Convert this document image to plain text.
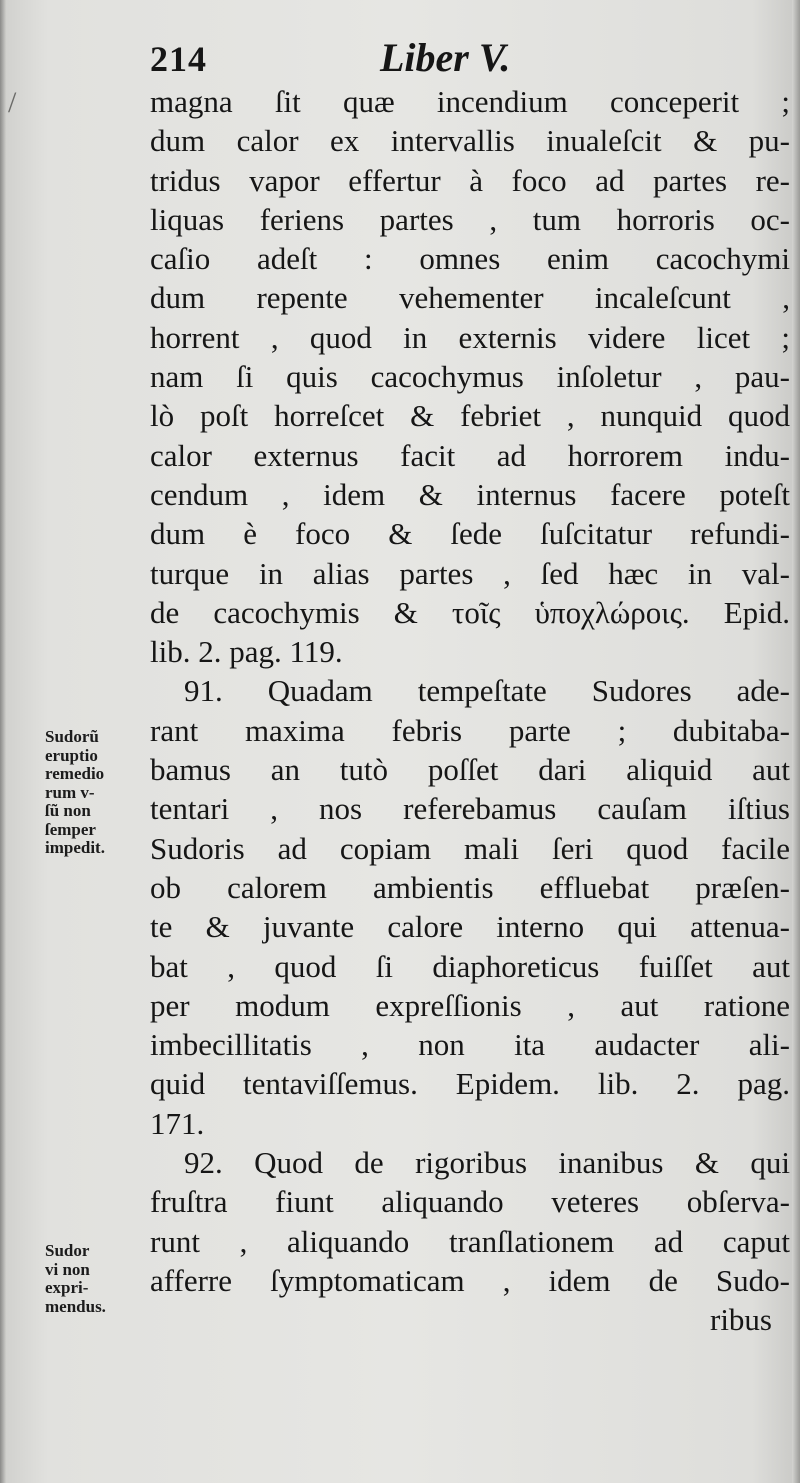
214	Liber V.
/	magna ſit quæ incendium conceperit ;
dum calor ex intervallis inualeſcit & pu-
tridus vapor effertur à foco ad partes re-
liquas feriens partes , tum horroris oc-
caſio adeſt : omnes enim cacochymi
dum repente vehementer incaleſcunt ,
horrent , quod in externis videre licet ;
nam ſi quis cacochymus inſoletur , pau-
lò poſt horreſcet & febriet , nunquid quod
calor externus facit ad horrorem indu-
cendum , idem & internus facere poteſt
dum è foco & ſede ſuſcitatur refundi-
turque in alias partes , ſed hæc in val-
de cacochymis & τοῖς ὑποχλώροις. Epid.
lib. 2. pag. 119.
91. Quadam tempeſtate Sudores ade-
rant maxima febris parte ; dubitaba-
bamus an tutò poſſet dari aliquid aut
tentari , nos referebamus cauſam iſtius
Sudoris ad copiam mali ſeri quod facile
ob calorem ambientis effluebat præſen-
te & juvante calore interno qui attenua-
bat , quod ſi diaphoreticus fuiſſet aut
per modum expreſſionis , aut ratione
imbecillitatis , non ita audacter ali-
quid tentaviſſemus. Epidem. lib. 2. pag.
171.
92. Quod de rigoribus inanibus & qui
fruſtra fiunt aliquando veteres obſerva-
runt , aliquando tranſlationem ad caput
afferre ſymptomaticam , idem de Sudo-
ribus
Sudorũ
eruptio
remedio
rum v-
ſũ non
ſemper
impedit.
Sudor
vi non
expri-
mendus.
